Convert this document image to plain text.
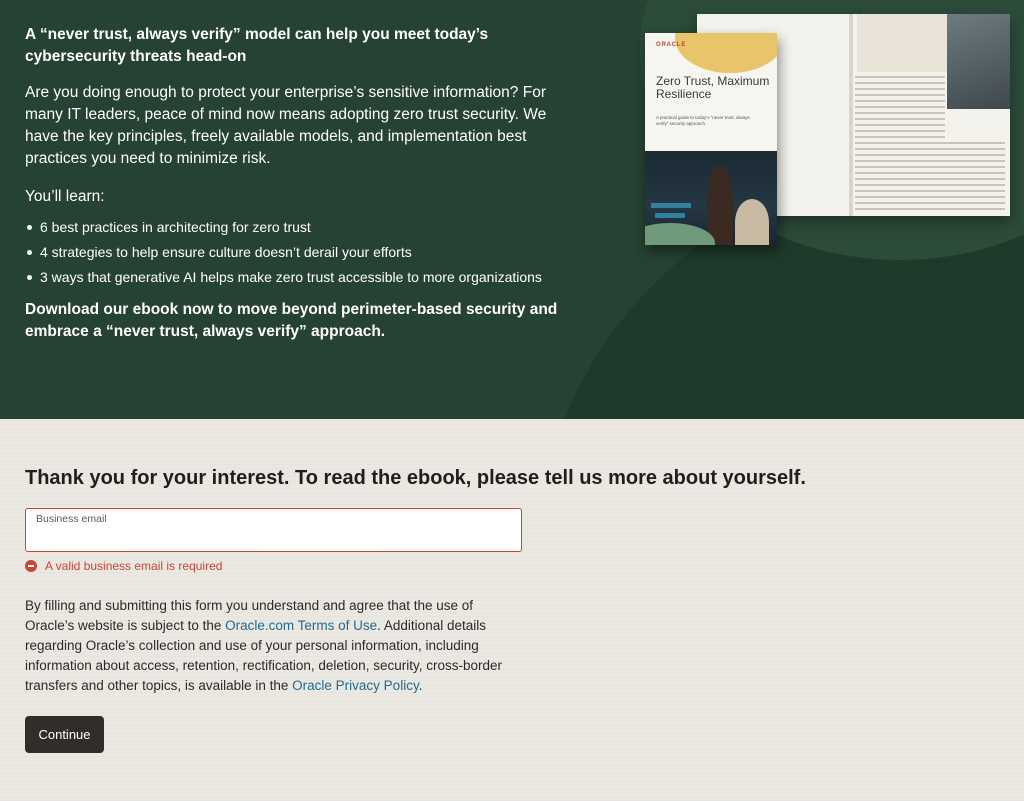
A “never trust, always verify” model can help you meet today’s cybersecurity threats head-on

Are you doing enough to protect your enterprise’s sensitive information? For many IT leaders, peace of mind now means adopting zero trust security. We have the key principles, freely available models, and implementation best practices you need to minimize risk.

You’ll learn:

6 best practices in architecting for zero trust
4 strategies to help ensure culture doesn’t derail your efforts
3 ways that generative AI helps make zero trust accessible to more organizations

Download our ebook now to move beyond perimeter-based security and embrace a “never trust, always verify” approach.

ORACLE
Zero Trust, Maximum Resilience
A practical guide to today’s “never trust, always verify” security approach
Thank you for your interest. To read the ebook, please tell us more about yourself.
Business email
A valid business email is required

By filling and submitting this form you understand and agree that the use of Oracle’s website is subject to the Oracle.com Terms of Use. Additional details regarding Oracle’s collection and use of your personal information, including information about access, retention, rectification, deletion, security, cross-border transfers and other topics, is available in the Oracle Privacy Policy.

Continue
